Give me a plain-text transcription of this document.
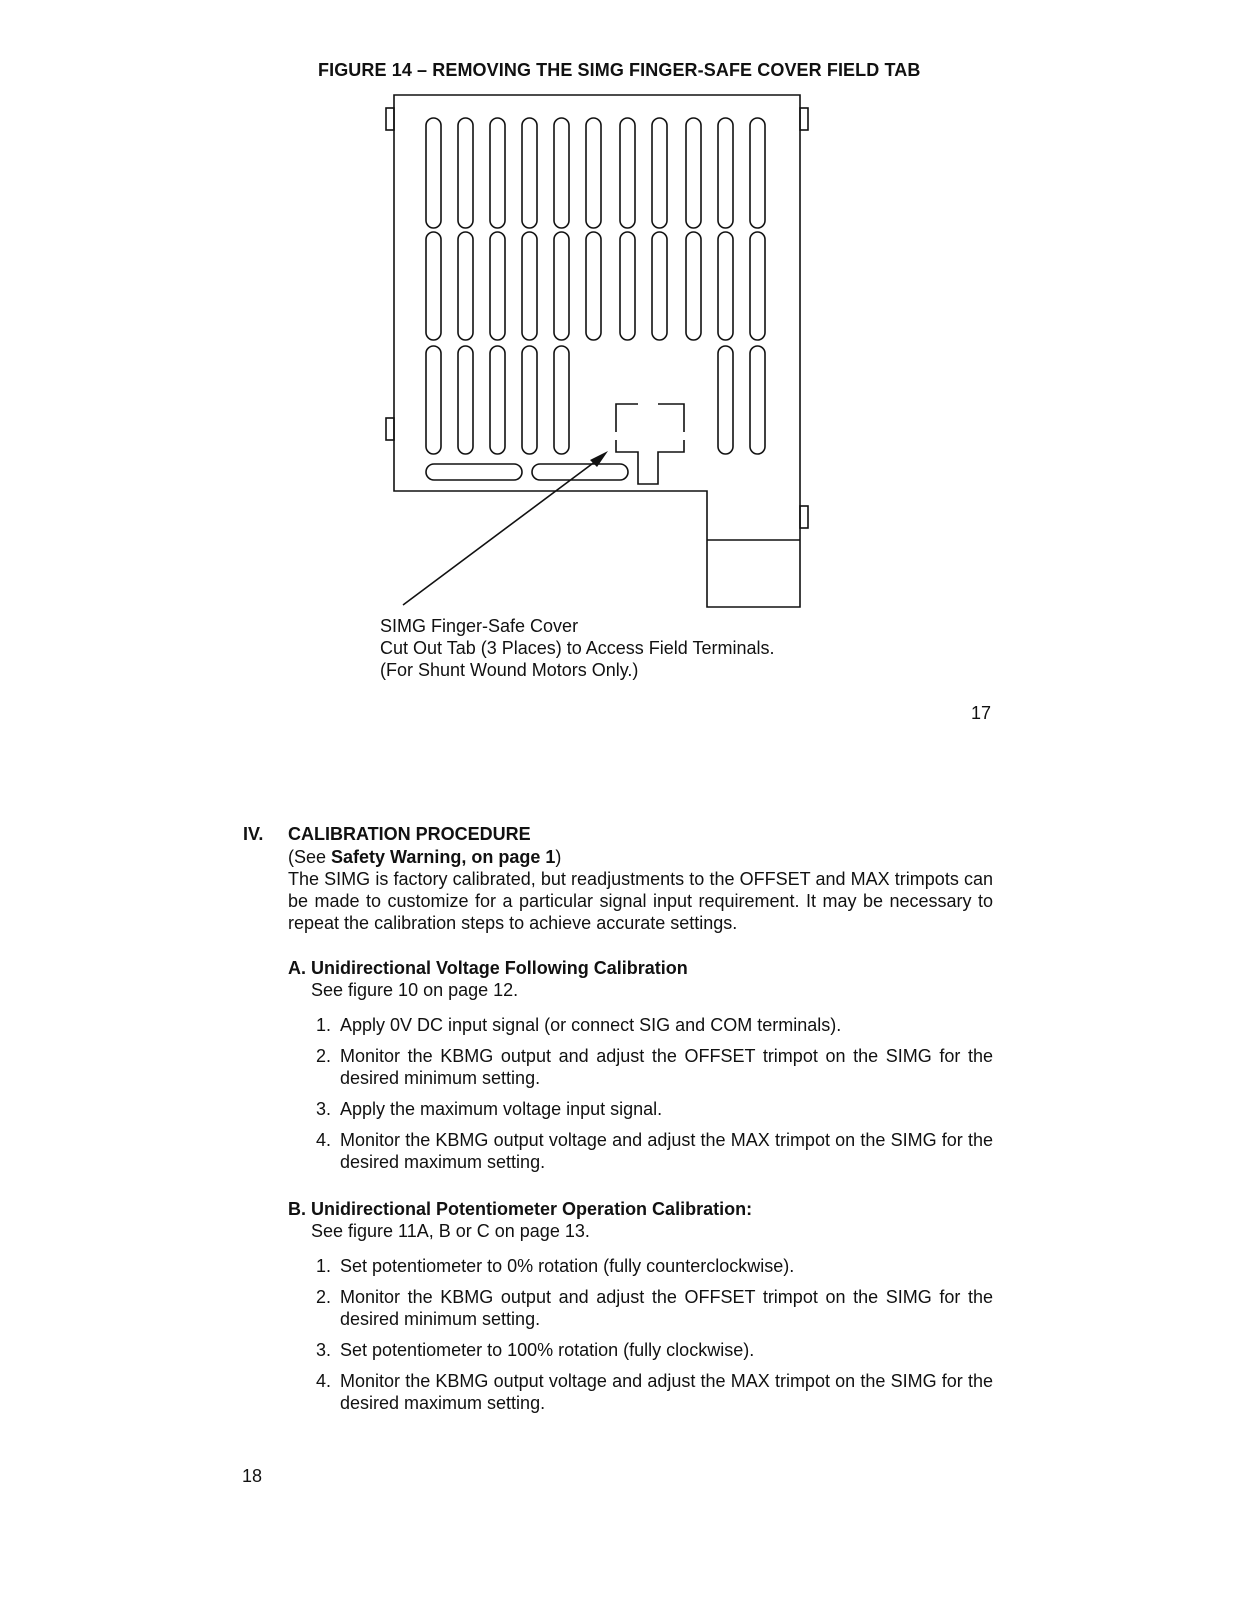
FIGURE 14 – REMOVING THE SIMG FINGER-SAFE COVER FIELD TAB
SIMG Finger-Safe Cover
Cut Out Tab (3 Places) to Access Field Terminals.
(For Shunt Wound Motors Only.)
17
IV. CALIBRATION PROCEDURE
(See Safety Warning, on page 1)
The SIMG is factory calibrated, but readjustments to the OFFSET and MAX trimpots can be made to customize for a particular signal input requirement. It may be necessary to repeat the calibration steps to achieve accurate settings.
A. Unidirectional Voltage Following Calibration
See figure 10 on page 12.
1. Apply 0V DC input signal (or connect SIG and COM terminals).
2. Monitor the KBMG output and adjust the OFFSET trimpot on the SIMG for the desired minimum setting.
3. Apply the maximum voltage input signal.
4. Monitor the KBMG output voltage and adjust the MAX trimpot on the SIMG for the desired maximum setting.
B. Unidirectional Potentiometer Operation Calibration:
See figure 11A, B or C on page 13.
1. Set potentiometer to 0% rotation (fully counterclockwise).
2. Monitor the KBMG output and adjust the OFFSET trimpot on the SIMG for the desired minimum setting.
3. Set potentiometer to 100% rotation (fully clockwise).
4. Monitor the KBMG output voltage and adjust the MAX trimpot on the SIMG for the desired maximum setting.
18
